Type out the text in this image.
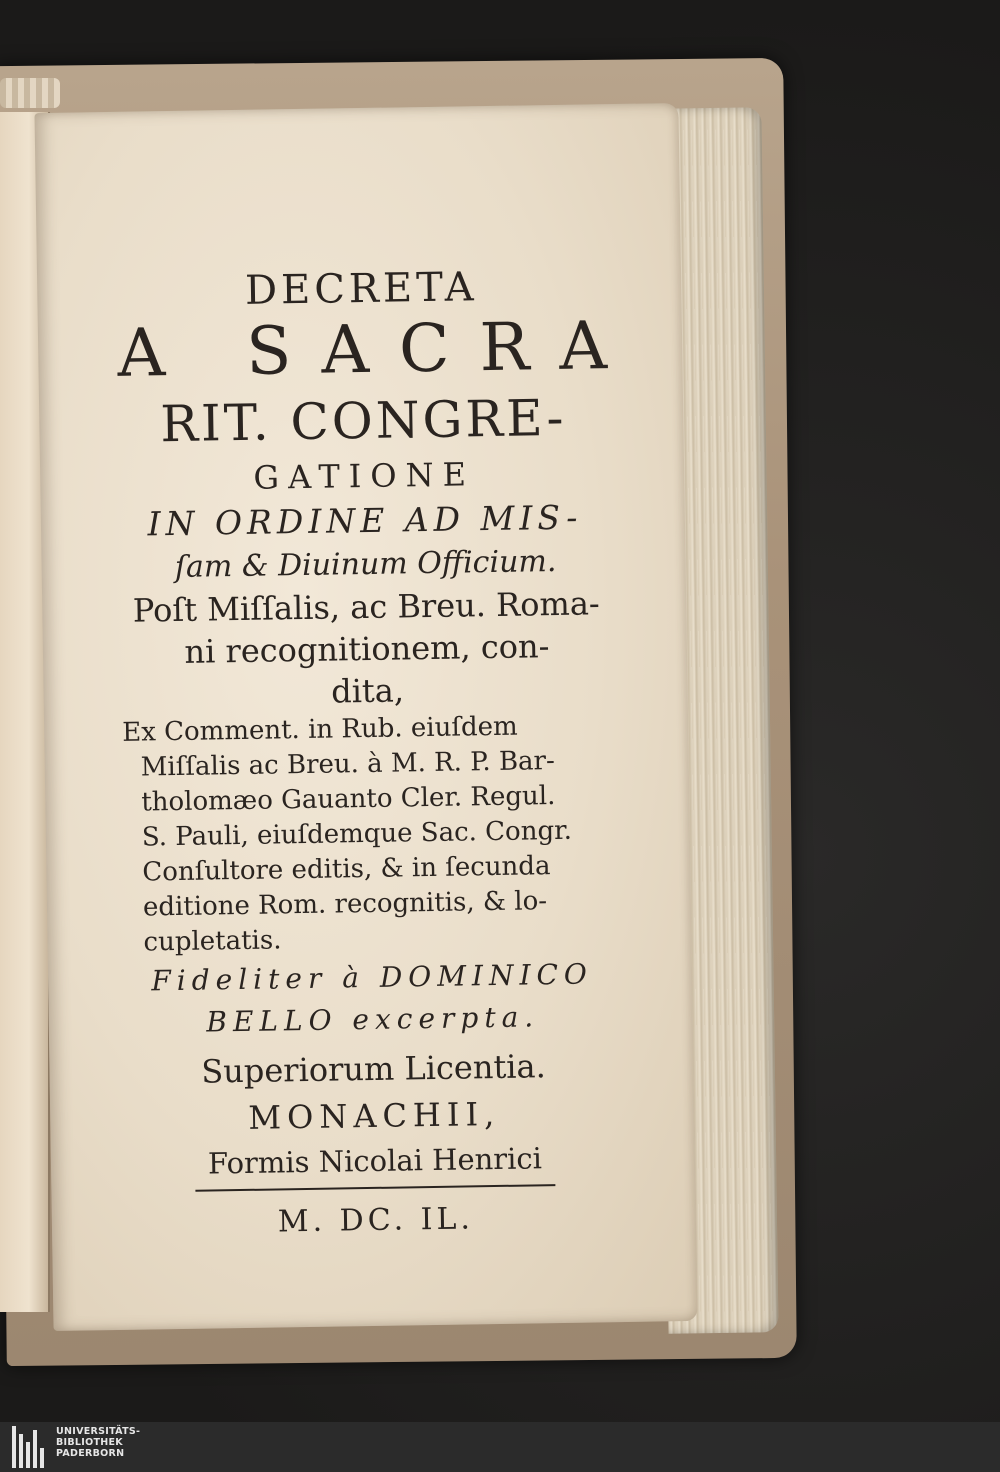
DECRETA
A SACRA
RIT. CONGRE-
GATIONE
IN ORDINE AD MIS-
ſam & Diuinum Officium.
Poſt Miſſalis, ac Breu. Roma-
ni recognitionem, con-
dita,
Ex Comment. in Rub. eiuſdem
Miſſalis ac Breu. à M. R. P. Bar-
tholomæo Gauanto Cler. Regul.
S. Pauli, eiuſdemque Sac. Congr.
Conſultore editis, & in ſecunda
editione Rom. recognitis, & lo-
cupletatis.
Fideliter à DOMINICO
BELLO excerpta.
Superiorum Licentia.
MONACHII,
Formis Nicolai Henrici
M. DC. IL.
UNIVERSITÄTS-
BIBLIOTHEK
PADERBORN
